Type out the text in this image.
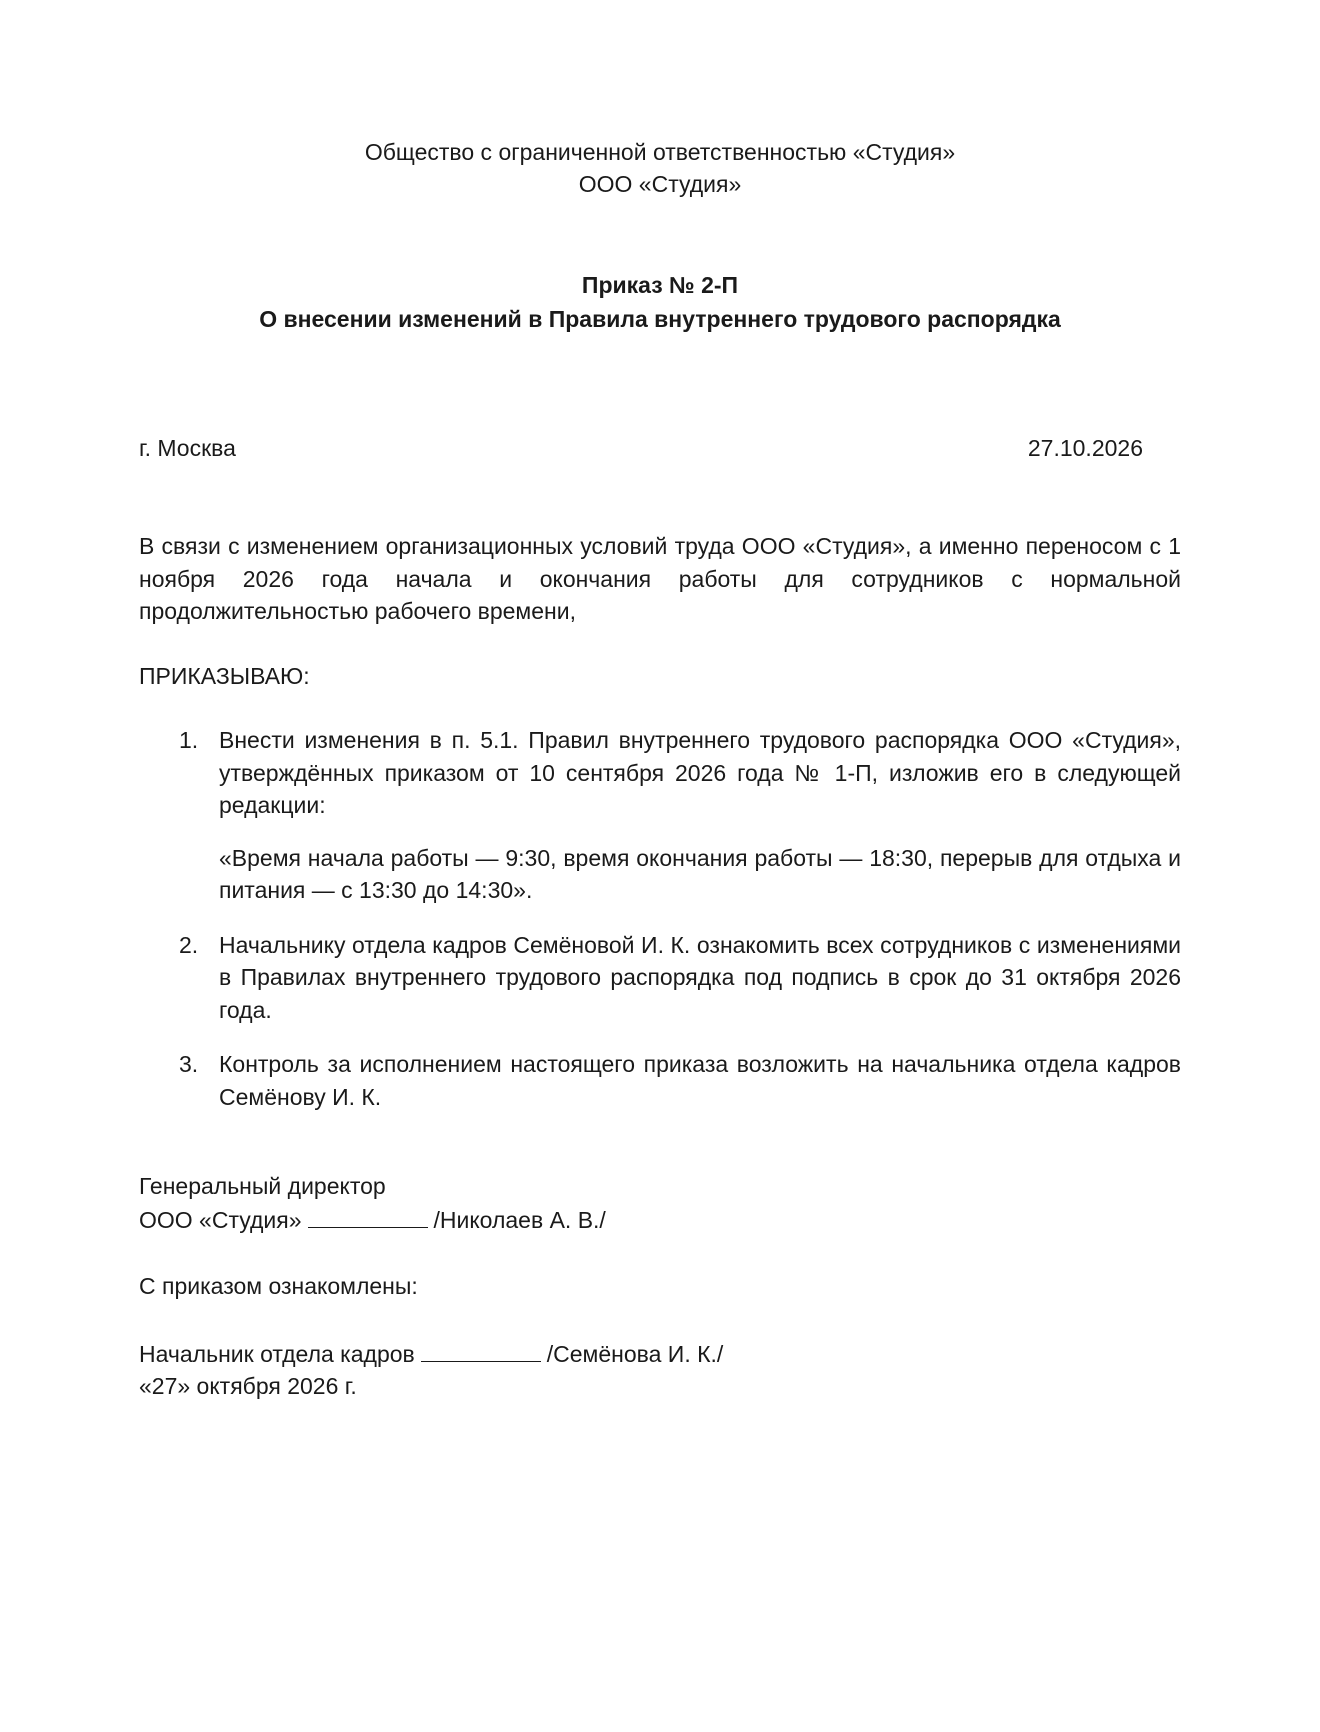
Общество с ограниченной ответственностью «Студия»
ООО «Студия»
Приказ № 2-П
О внесении изменений в Правила внутреннего трудового распорядка
г. Москва	27.10.2026

В связи с изменением организационных условий труда ООО «Студия», а именно переносом с 1 ноября 2026 года начала и окончания работы для сотрудников с нормальной продолжительностью рабочего времени,

ПРИКАЗЫВАЮ:

1. Внести изменения в п. 5.1. Правил внутреннего трудового распорядка ООО «Студия», утверждённых приказом от 10 сентября 2026 года № 1-П, изложив его в следующей редакции:

«Время начала работы — 9:30, время окончания работы — 18:30, перерыв для отдыха и питания — с 13:30 до 14:30».

2. Начальнику отдела кадров Семёновой И. К. ознакомить всех сотрудников с изменениями в Правилах внутреннего трудового распорядка под подпись в срок до 31 октября 2026 года.

3. Контроль за исполнением настоящего приказа возложить на начальника отдела кадров Семёнову И. К.

Генеральный директор

ООО «Студия»	/Николаев А. В./

С приказом ознакомлены:

Начальник отдела кадров	/Семёнова И. К./

«27» октября 2026 г.
